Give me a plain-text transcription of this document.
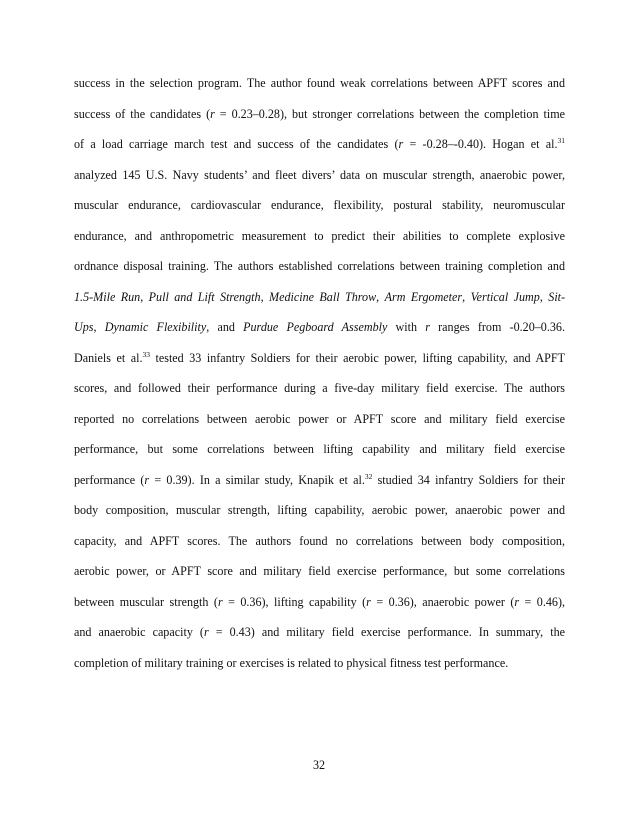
success in the selection program. The author found weak correlations between APFT scores and
success of the candidates (r = 0.23–0.28), but stronger correlations between the completion time
of a load carriage march test and success of the candidates (r = -0.28–-0.40). Hogan et al.$^{31}$
analyzed 145 U.S. Navy students’ and fleet divers’ data on muscular strength, anaerobic power,
muscular endurance, cardiovascular endurance, flexibility, postural stability, neuromuscular
endurance, and anthropometric measurement to predict their abilities to complete explosive
ordnance disposal training. The authors established correlations between training completion and
1.5-Mile Run, Pull and Lift Strength, Medicine Ball Throw, Arm Ergometer, Vertical Jump, Sit-
Ups, Dynamic Flexibility, and Purdue Pegboard Assembly with r ranges from -0.20–0.36.
Daniels et al.$^{33}$ tested 33 infantry Soldiers for their aerobic power, lifting capability, and APFT
scores, and followed their performance during a five-day military field exercise. The authors
reported no correlations between aerobic power or APFT score and military field exercise
performance, but some correlations between lifting capability and military field exercise
performance (r = 0.39). In a similar study, Knapik et al.$^{32}$ studied 34 infantry Soldiers for their
body composition, muscular strength, lifting capability, aerobic power, anaerobic power and
capacity, and APFT scores. The authors found no correlations between body composition,
aerobic power, or APFT score and military field exercise performance, but some correlations
between muscular strength (r = 0.36), lifting capability (r = 0.36), anaerobic power (r = 0.46),
and anaerobic capacity (r = 0.43) and military field exercise performance. In summary, the
completion of military training or exercises is related to physical fitness test performance.
32
